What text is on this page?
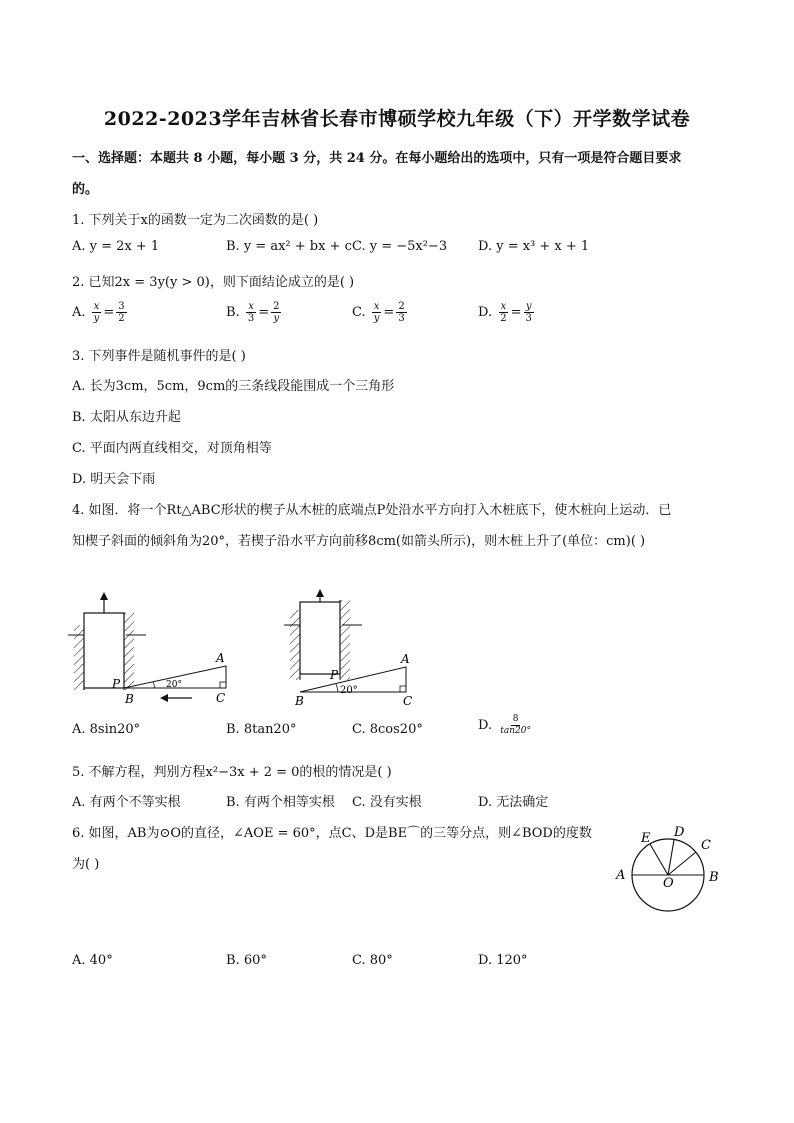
2022-2023学年吉林省长春市博硕学校九年级（下）开学数学试卷
一、选择题：本题共 8 小题，每小题 3 分，共 24 分。在每小题给出的选项中，只有一项是符合题目要求
的。
1. 下列关于x的函数一定为二次函数的是( )
A. y = 2x + 1	B. y = ax² + bx + c C. y = −5x²−3 D. y = x³ + x + 1
2. 已知2x = 3y(y > 0)，则下面结论成立的是( )
A. $\frac{x}{y} = \frac{3}{2}$	B. $\frac{x}{3} = \frac{2}{y}$	C. $\frac{x}{y} = \frac{2}{3}$	D. $\frac{x}{2} = \frac{y}{3}$
3. 下列事件是随机事件的是( )
A. 长为3cm，5cm，9cm的三条线段能围成一个三角形
B. 太阳从东边升起
C. 平面内两直线相交，对顶角相等
D. 明天会下雨
4. 如图．将一个Rt△ABC形状的楔子从木桩的底端点P处沿水平方向打入木桩底下，使木桩向上运动．已
知楔子斜面的倾斜角为20°，若楔子沿水平方向前移8cm(如箭头所示)，则木桩上升了(单位：cm)( )
P
B
A
C
20°
P
B
A
C
20°
A. 8sin20°	B. 8tan20°	C. 8cos20°	D. $\frac{8}{\tan 20^\circ}$
5. 不解方程，判别方程x²−3x + 2 = 0的根的情况是( )
A. 有两个不等实根	B. 有两个相等实根 C. 没有实根	D. 无法确定
6. 如图，AB为⊙O的直径，∠AOE = 60°，点C、D是BE⌒的三等分点，则∠BOD的度数
为( )
A	B
O
C
D
E
A. 40°	B. 60°	C. 80°	D. 120°
